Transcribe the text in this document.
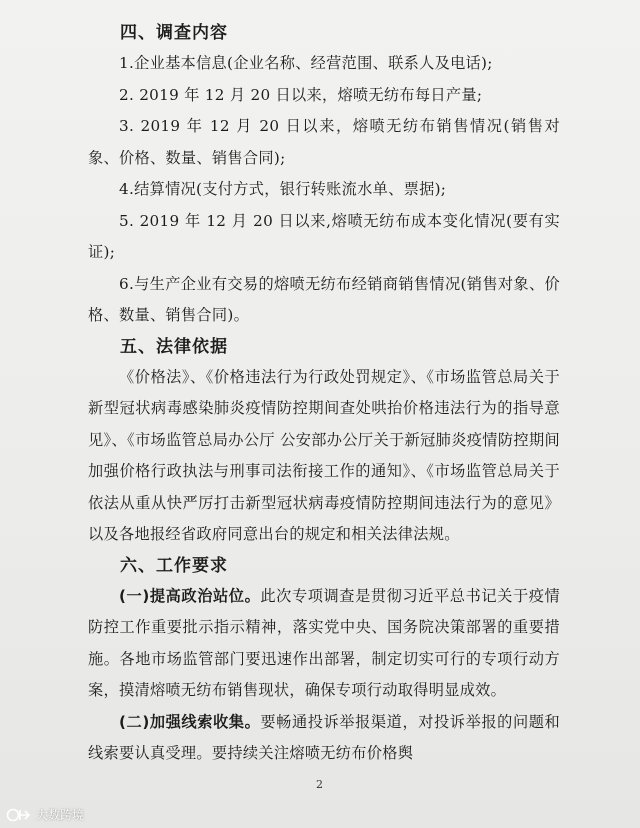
四、调查内容
1.企业基本信息(企业名称、经营范围、联系人及电话);
2. 2019 年 12 月 20 日以来，熔喷无纺布每日产量;
3. 2019 年 12 月 20 日以来，熔喷无纺布销售情况(销售对象、价格、数量、销售合同);
4.结算情况(支付方式，银行转账流水单、票据);
5. 2019 年 12 月 20 日以来,熔喷无纺布成本变化情况(要有实证);
6.与生产企业有交易的熔喷无纺布经销商销售情况(销售对象、价格、数量、销售合同)。
五、法律依据
《价格法》、《价格违法行为行政处罚规定》、《市场监管总局关于新型冠状病毒感染肺炎疫情防控期间查处哄抬价格违法行为的指导意见》、《市场监管总局办公厅 公安部办公厅关于新冠肺炎疫情防控期间加强价格行政执法与刑事司法衔接工作的通知》、《市场监管总局关于依法从重从快严厉打击新型冠状病毒疫情防控期间违法行为的意见》以及各地报经省政府同意出台的规定和相关法律法规。
六、工作要求
(一)提高政治站位。此次专项调查是贯彻习近平总书记关于疫情防控工作重要批示指示精神，落实党中央、国务院决策部署的重要措施。各地市场监管部门要迅速作出部署，制定切实可行的专项行动方案，摸清熔喷无纺布销售现状，确保专项行动取得明显成效。
(二)加强线索收集。要畅通投诉举报渠道，对投诉举报的问题和线索要认真受理。要持续关注熔喷无纺布价格舆
2
大数跨境
